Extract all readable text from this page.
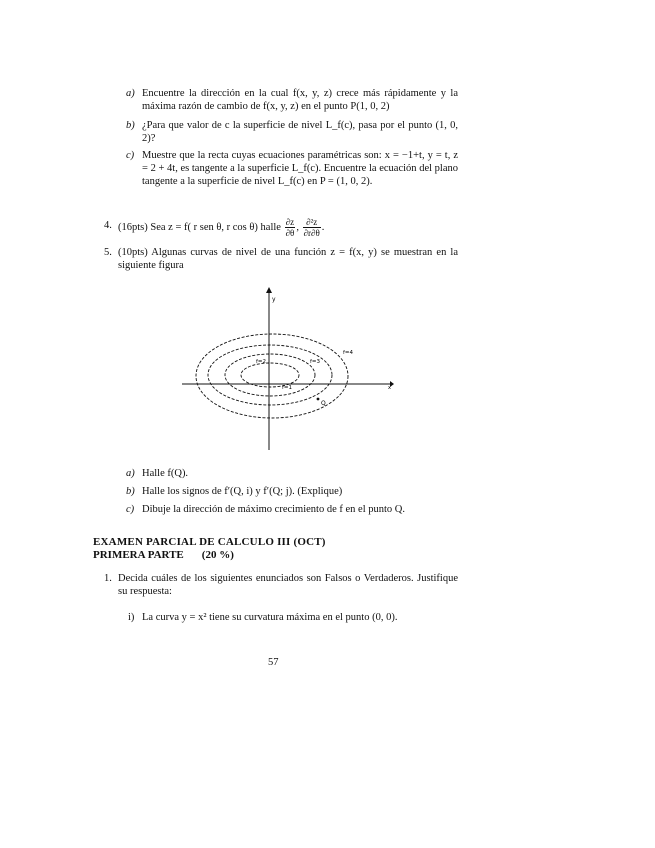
a) Encuentre la dirección en la cual f(x, y, z) crece más rápidamente y la máxima razón de cambio de f(x, y, z) en el punto P(1, 0, 2)
b) ¿Para que valor de c la superficie de nivel L_f(c), pasa por el punto (1, 0, 2)?
c) Muestre que la recta cuyas ecuaciones paramétricas son: x = −1+t, y = t, z = 2 + 4t, es tangente a la superficie L_f(c). Encuentre la ecuación del plano tangente a la superficie de nivel L_f(c) en P = (1, 0, 2).
4. (16pts) Sea z = f( r sen θ, r cos θ) halle $\frac{\partial z}{\partial\theta}$ , $\frac{\text{∂²z}}{\partial r\partial\theta}$ .
5. (10pts) Algunas curvas de nivel de una función z = f(x, y) se muestran en la siguiente figura
y
x
f=2	f=3
f=4
f=1
Q
a) Halle f(Q).
b) Halle los signos de f′(Q, i) y f′(Q; j). (Explique)
c) Dibuje la dirección de máximo crecimiento de f en el punto Q.
EXAMEN PARCIAL DE CALCULO III (OCT)
PRIMERA PARTE (20 %)
1. Decida cuáles de los siguientes enunciados son Falsos o Verdaderos. Justifique su respuesta:
i) La curva y = x² tiene su curvatura máxima en el punto (0, 0).
57
